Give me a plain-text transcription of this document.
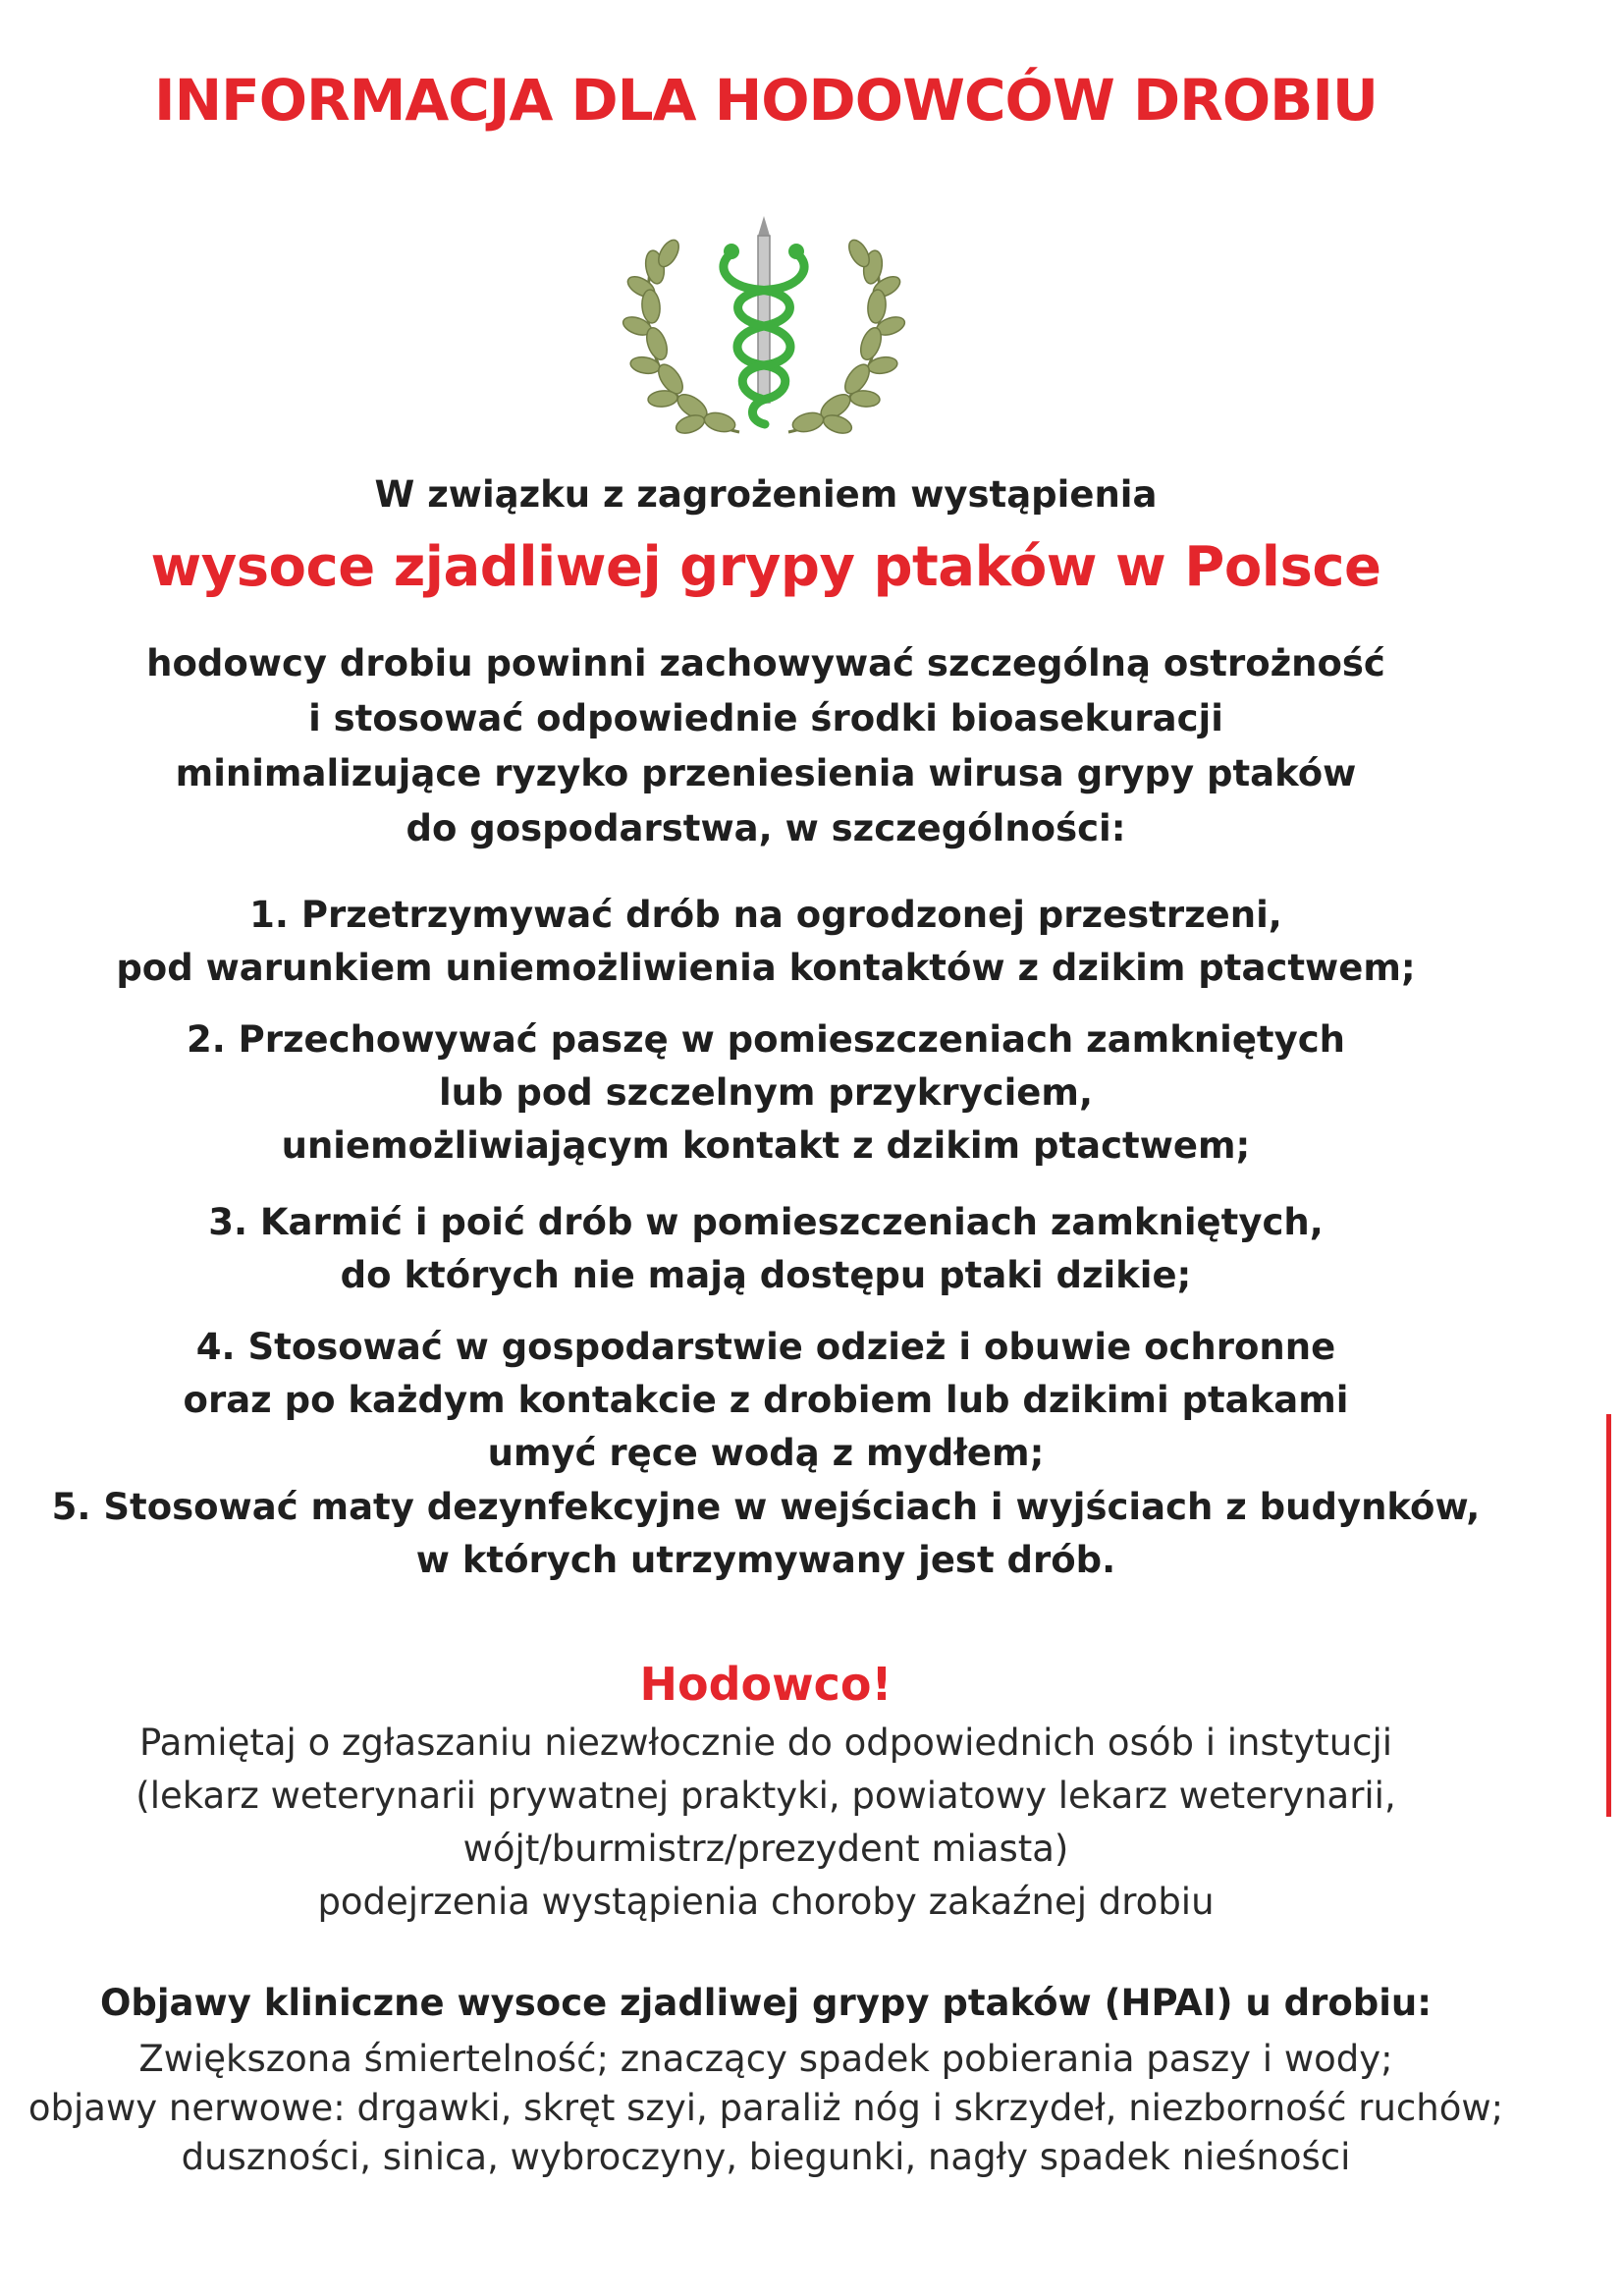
INFORMACJA DLA HODOWCÓW DROBIU
W związku z zagrożeniem wystąpienia
wysoce zjadliwej grypy ptaków w Polsce
hodowcy drobiu powinni zachowywać szczególną ostrożność
i stosować odpowiednie środki bioasekuracji
minimalizujące ryzyko przeniesienia wirusa grypy ptaków
do gospodarstwa, w szczególności:
1. Przetrzymywać drób na ogrodzonej przestrzeni,
pod warunkiem uniemożliwienia kontaktów z dzikim ptactwem;
2. Przechowywać paszę w pomieszczeniach zamkniętych
lub pod szczelnym przykryciem,
uniemożliwiającym kontakt z dzikim ptactwem;
3. Karmić i poić drób w pomieszczeniach zamkniętych,
do których nie mają dostępu ptaki dzikie;
4. Stosować w gospodarstwie odzież i obuwie ochronne
oraz po każdym kontakcie z drobiem lub dzikimi ptakami
umyć ręce wodą z mydłem;
5. Stosować maty dezynfekcyjne w wejściach i wyjściach z budynków,
w których utrzymywany jest drób.
Hodowco!
Pamiętaj o zgłaszaniu niezwłocznie do odpowiednich osób i instytucji
(lekarz weterynarii prywatnej praktyki, powiatowy lekarz weterynarii,
wójt/burmistrz/prezydent miasta)
podejrzenia wystąpienia choroby zakaźnej drobiu
Objawy kliniczne wysoce zjadliwej grypy ptaków (HPAI) u drobiu:
Zwiększona śmiertelność; znaczący spadek pobierania paszy i wody;
objawy nerwowe: drgawki, skręt szyi, paraliż nóg i skrzydeł, niezborność ruchów;
duszności, sinica, wybroczyny, biegunki, nagły spadek nieśności
